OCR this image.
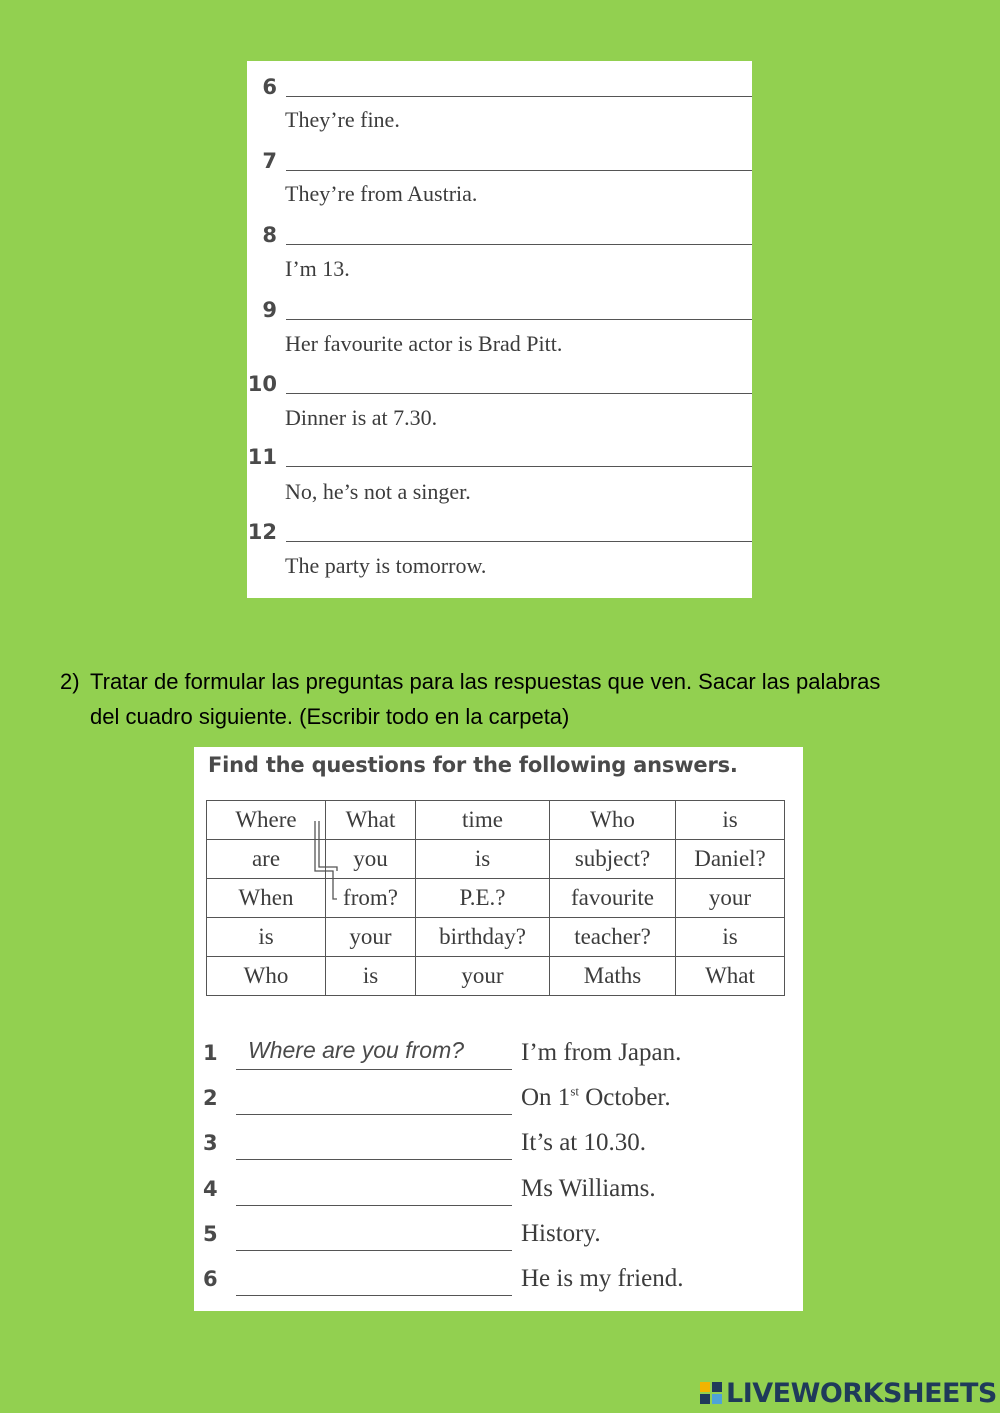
6
They’re fine.
7
They’re from Austria.
8
I’m 13.
9
Her favourite actor is Brad Pitt.
10
Dinner is at 7.30.
11
No, he’s not a singer.
12
The party is tomorrow.
2) Tratar de formular las preguntas para las respuestas que ven. Sacar las palabras del cuadro siguiente. (Escribir todo en la carpeta)
Find the questions for the following answers.
Where	What	time	Who	is
are	you	is	subject?	Daniel?
When	from?	P.E.?	favourite	your
is	your	birthday?	teacher?	is
Who	is	your	Maths	What
1 Where are you from? I’m from Japan.
2	On 1st October.
3	It’s at 10.30.
4	Ms Williams.
5	History.
6	He is my friend.
LIVEWORKSHEETS
